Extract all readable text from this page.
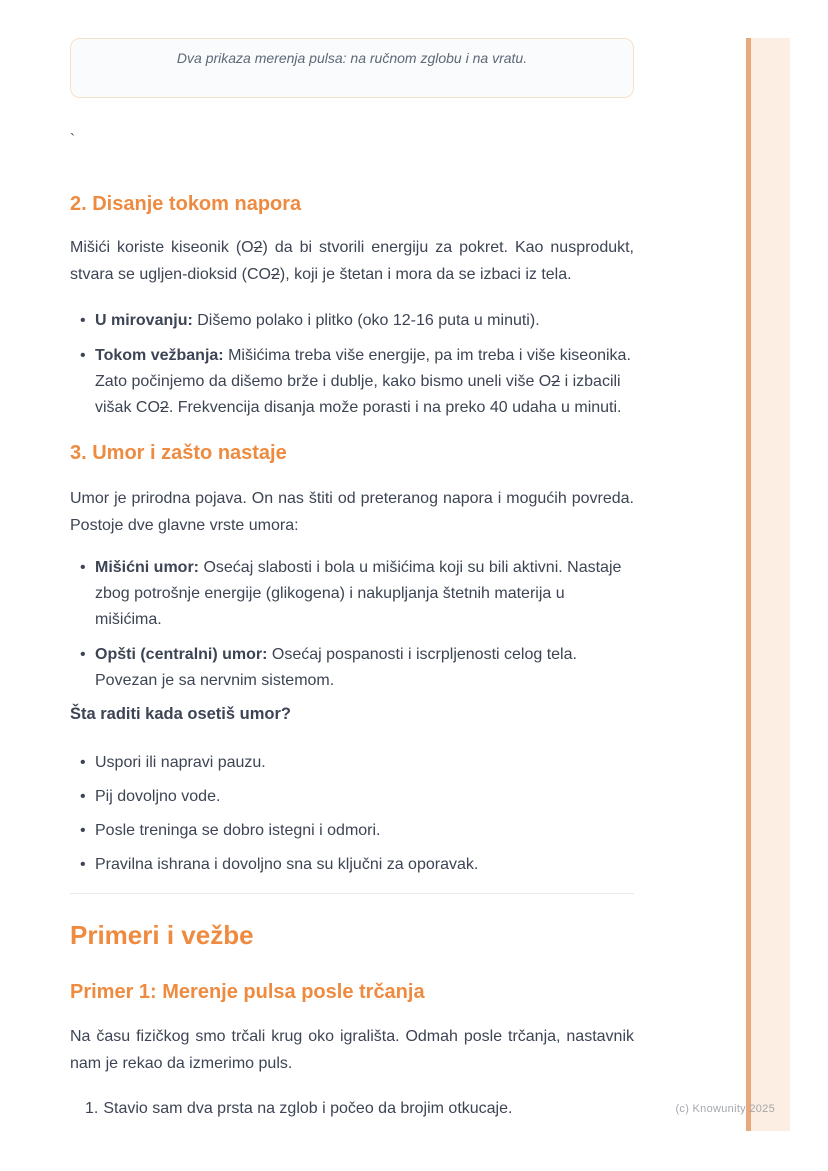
Dva prikaza merenja pulsa: na ručnom zglobu i na vratu.
`
2. Disanje tokom napora

Mišići koriste kiseonik (O2) da bi stvorili energiju za pokret. Kao nusprodukt, stvara se ugljen-dioksid (CO2), koji je štetan i mora da se izbaci iz tela.

• U mirovanju: Dišemo polako i plitko (oko 12-16 puta u minuti).
• Tokom vežbanja: Mišićima treba više energije, pa im treba i više kiseonika. Zato počinjemo da dišemo brže i dublje, kako bismo uneli više O2 i izbacili višak CO2. Frekvencija disanja može porasti i na preko 40 udaha u minuti.
3. Umor i zašto nastaje

Umor je prirodna pojava. On nas štiti od preteranog napora i mogućih povreda. Postoje dve glavne vrste umora:

• Mišićni umor: Osećaj slabosti i bola u mišićima koji su bili aktivni. Nastaje zbog potrošnje energije (glikogena) i nakupljanja štetnih materija u mišićima.
• Opšti (centralni) umor: Osećaj pospanosti i iscrpljenosti celog tela. Povezan je sa nervnim sistemom.
Šta raditi kada osetiš umor?
• Uspori ili napravi pauzu.
• Pij dovoljno vode.
• Posle treninga se dobro istegni i odmori.
• Pravilna ishrana i dovoljno sna su ključni za oporavak.
Primeri i vežbe
Primer 1: Merenje pulsa posle trčanja

Na času fizičkog smo trčali krug oko igrališta. Odmah posle trčanja, nastavnik nam je rekao da izmerimo puls.

1. Stavio sam dva prsta na zglob i počeo da brojim otkucaje.	(c) Knowunity 2025
